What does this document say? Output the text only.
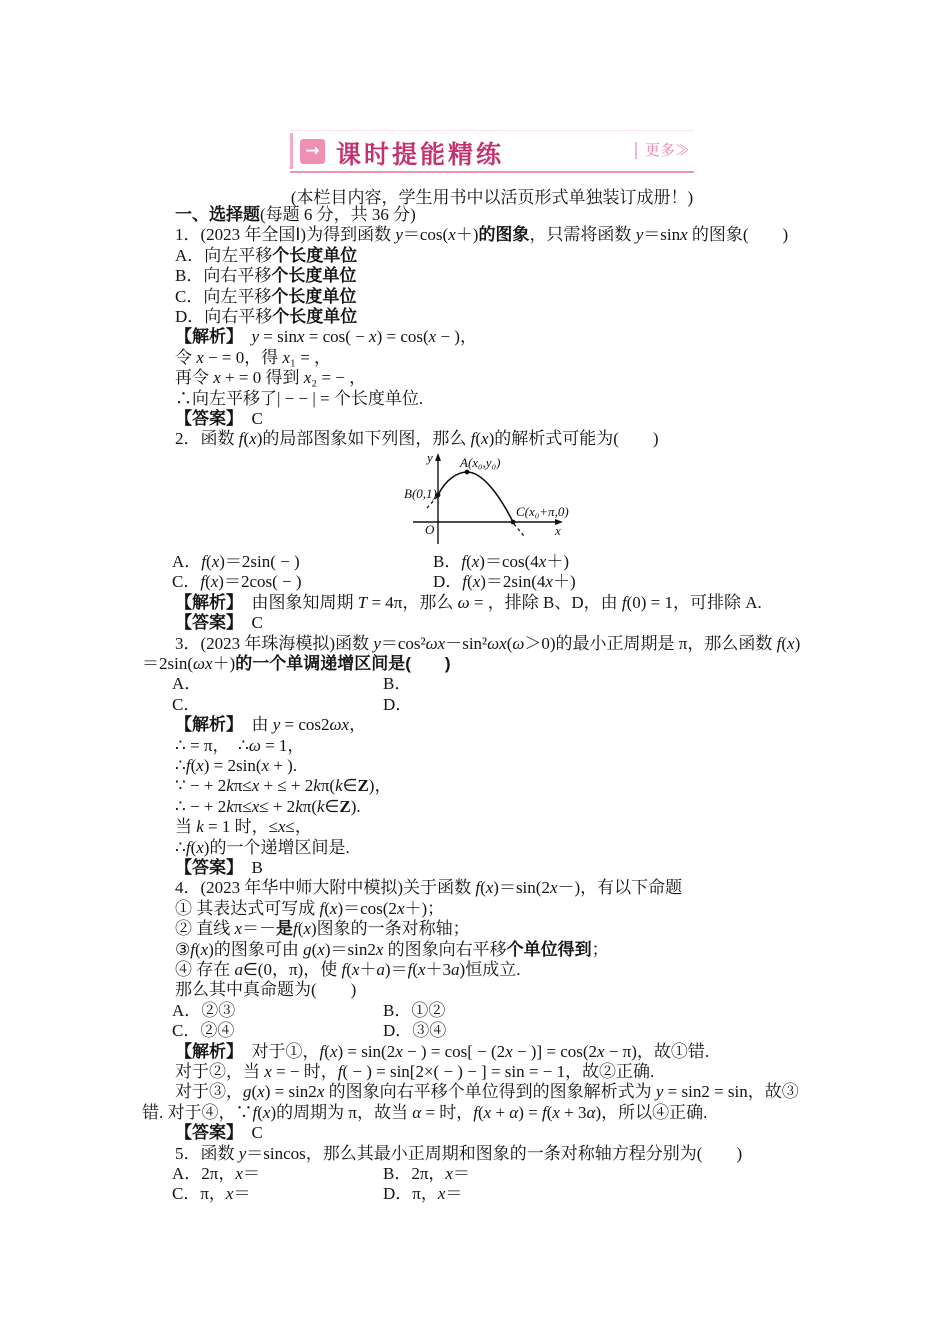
→ 课时提能精练	更多≫
(本栏目内容，学生用书中以活页形式单独装订成册！)
一、选择题(每题 6 分，共 36 分)
1．(2023 年全国Ⅰ)为得到函数 y＝cos(x＋)的图象，只需将函数 y＝sinx 的图象(　　)
A．向左平移个长度单位
B．向右平移个长度单位
C．向左平移个长度单位
D．向右平移个长度单位
【解析】　 y = sinx = cos( − x) = cos(x − )，
令 x − = 0，得 x₁ = ，
再令 x + = 0 得到 x₂ = − ，
∴向左平移了| − − | = 个长度单位.
【答案】　C
2．函数 f(x)的局部图象如下列图，那么 f(x)的解析式可能为(　　)
y
x
O
A(x₀,y₀)
B(0,1)
C(x₀+π,0)
A．f(x)＝2sin( − )	B．f(x)＝cos(4x＋)
C．f(x)＝2cos( − )	D．f(x)＝2sin(4x＋)
【解析】　由图象知周期 T = 4π，那么 ω = ，排除 B、D，由 f(0) = 1，可排除 A.
【答案】　C
3．(2023 年珠海模拟)函数 y＝cos²ωx－sin²ωx(ω＞0)的最小正周期是 π，那么函数 f(x)
＝2sin(ωx＋)的一个单调递增区间是(　　)
A．	B．
C．	D．
【解析】　由 y = cos2ωx，
∴ = π，　∴ω = 1，
∴f(x) = 2sin(x + ).
∵ − + 2kπ≤x + ≤ + 2kπ(k∈Z)，
∴ − + 2kπ≤x≤ + 2kπ(k∈Z).
当 k = 1 时，≤x≤，
∴f(x)的一个递增区间是.
【答案】　B
4．(2023 年华中师大附中模拟)关于函数 f(x)＝sin(2x－)，有以下命题
① 其表达式可写成 f(x)＝cos(2x＋)；
② 直线 x＝－是f(x)图象的一条对称轴；
③f(x)的图象可由 g(x)＝sin2x 的图象向右平移个单位得到；
④ 存在 a∈(0，π)，使 f(x＋a)＝f(x＋3a)恒成立.
那么其中真命题为(　　)
A．②③	B．①②
C．②④	D．③④
【解析】　对于①，f(x) = sin(2x − ) = cos[ − (2x − )] = cos(2x − π)，故①错.
对于②，当 x = − 时，f( − ) = sin[2×( − ) − ] = sin = − 1，故②正确.
对于③，g(x) = sin2x 的图象向右平移个单位得到的图象解析式为 y = sin2 = sin，故③
错. 对于④，∵f(x)的周期为 π，故当 α = 时，f(x + α) = f(x + 3α)，所以④正确.
【答案】　C
5．函数 y＝sincos，那么其最小正周期和图象的一条对称轴方程分别为(　　)
A．2π，x＝	B．2π，x＝
C．π，x＝	D．π，x＝
